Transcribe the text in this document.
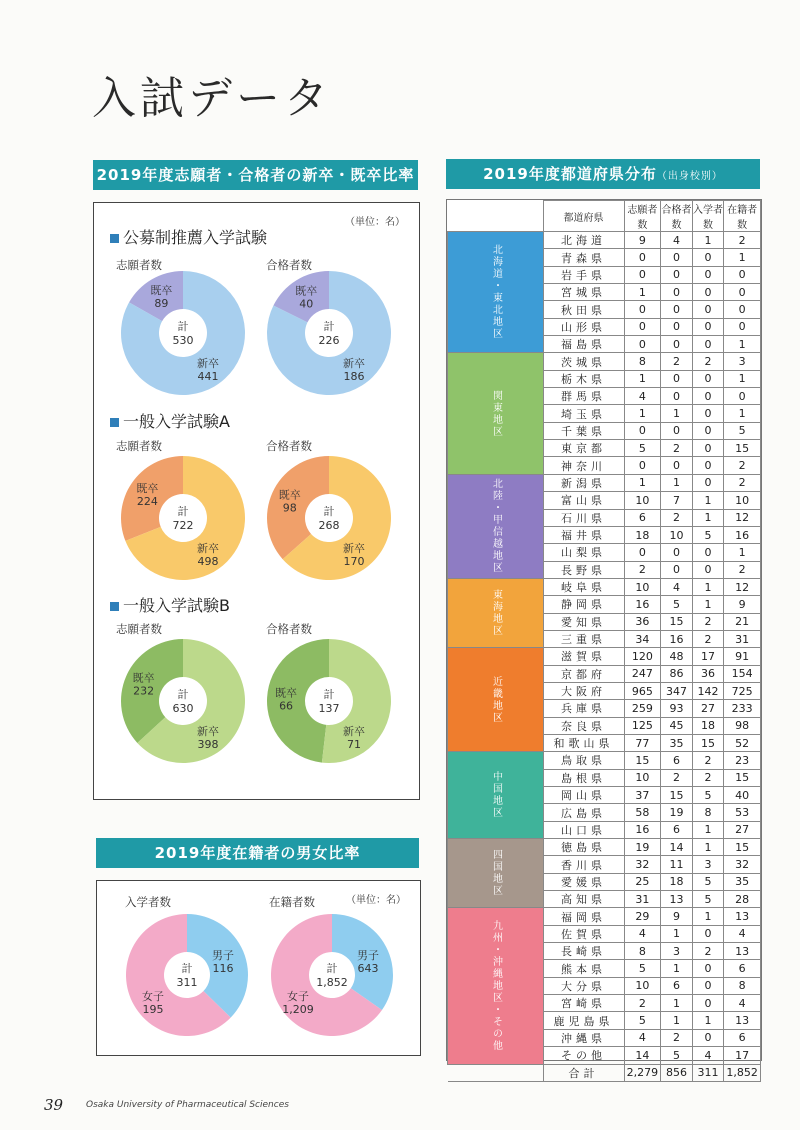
入試データ
2019年度志願者・合格者の新卒・既卒比率
（単位：名）
公募制推薦入学試験
志願者数	合格者数
既卒
89
計
530
新卒
441
既卒
40
計
226
新卒
186
一般入学試験A
志願者数	合格者数
既卒
224
計
722
新卒
498
既卒
98 計
268
新卒
170
一般入学試験B
志願者数	合格者数
既卒
232 計
630
新卒
398
既卒
66
計
137
新卒
71
2019年度在籍者の男女比率
（単位：名）
入学者数	在籍者数
計
311
男子
116
女子
195
計
1,852
男子
643
女子
1,209
2019年度都道府県分布（出身校別）
	都道府県	志願者数	合格者数	入学者数	在籍者数
北海道・東北地区	北海道	9	4	1	2
	青森県	0	0	0	1
	岩手県	0	0	0	0
	宮城県	1	0	0	0
	秋田県	0	0	0	0
	山形県	0	0	0	0
	福島県	0	0	0	1
関東地区	茨城県	8	2	2	3
	栃木県	1	0	0	1
	群馬県	4	0	0	0
	埼玉県	1	1	0	1
	千葉県	0	0	0	5
	東京都	5	2	0	15
	神奈川	0	0	0	2
北陸・甲信越地区	新潟県	1	1	0	2
	富山県	10	7	1	10
	石川県	6	2	1	12
	福井県	18	10	5	16
	山梨県	0	0	0	1
	長野県	2	0	0	2
東海地区	岐阜県	10	4	1	12
	静岡県	16	5	1	9
	愛知県	36	15	2	21
	三重県	34	16	2	31
近畿地区	滋賀県	120	48	17	91
	京都府	247	86	36	154
	大阪府	965	347	142	725
	兵庫県	259	93	27	233
	奈良県	125	45	18	98
	和歌山県	77	35	15	52
中国地区	鳥取県	15	6	2	23
	島根県	10	2	2	15
	岡山県	37	15	5	40
	広島県	58	19	8	53
	山口県	16	6	1	27
四国地区	徳島県	19	14	1	15
	香川県	32	11	3	32
	愛媛県	25	18	5	35
	高知県	31	13	5	28
九州・沖縄地区・その他	福岡県	29	9	1	13
	佐賀県	4	1	0	4
	長崎県	8	3	2	13
	熊本県	5	1	0	6
	大分県	10	6	0	8
	宮崎県	2	1	0	4
	鹿児島県	5	1	1	13
	沖縄県	4	2	0	6
	その他	14	5	4	17
	合計	2,279	856	311	1,852
39	Osaka University of Pharmaceutical Sciences
